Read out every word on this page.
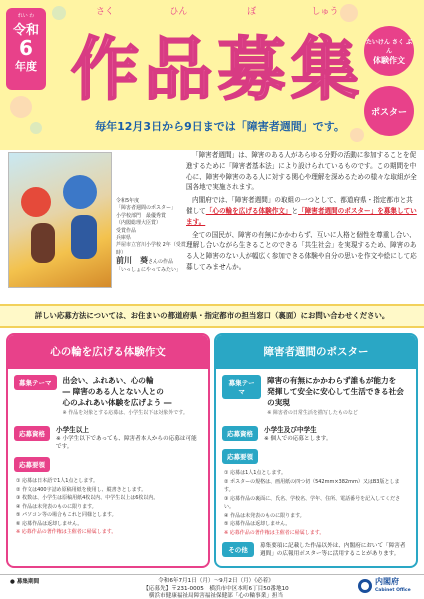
れい わ
令和
6
年度
さく
作
ひん
品
ぼ
募
しゅう
集	たいけん さく ぶん
体験作文
ポスター
毎年12月3日から9日までは「障害者週間」です。
令和5年度
「障害者週間のポスター」
小学校部門　最優秀賞
（内閣総理大臣賞）
受賞作品
兵庫県
芦屋市立宮川小学校 2年（受賞時）
前川　葵さんの作品
「いっしょにやってみたい」

「障害者週間」は、障害のある人があらゆる分野の活動に参加することを促進するために「障害者基本法」により設けられているものです。この期間を中心に、障害や障害のある人に対する関心や理解を深めるための様々な取組が全国各地で実施されます。

内閣府では、「障害者週間」の取組の一つとして、都道府県・指定都市と共催して「心の輪を広げる体験作文」と「障害者週間のポスター」を募集しています。

全ての国民が、障害の有無にかかわらず、互いに人格と個性を尊重し合い、理解し合いながら生きることのできる「共生社会」を実現するため、障害のある人と障害のない人が幅広く参加できる体験や自分の思いを作文や絵にして応募してみませんか。

詳しい応募方法については、お住まいの都道府県・指定都市の担当窓口（裏面）にお問い合わせください。
心の輪を広げる体験作文
募集テーマ	出会い、ふれあい、心の輪
― 障害のある人とない人との
心のふれあい体験を広げよう ―
※ 作品を対象とする応募は、小学生以下は対象外です。
応募資格	小学生以上
※ 小学生以下であっても、障害者本人からの応募は可能です。
応募要領
① 応募は日本語で1人1点とします。
② 作文は400字詰め原稿用紙を使用し、縦書きとします。
③ 枚数は、小学生は原稿用紙4枚以内、中学生以上は6枚以内。
④ 作品は未発表のものに限ります。
⑤ パソコン等の場合もこれと同様とします。
⑥ 応募作品は返却しません。
※ 応募作品の著作権は主催者に帰属します。
障害者週間のポスター
募集テーマ
障害の有無にかかわらず誰もが能力を
発揮して安全に安心して生活できる社会の実現
※ 障害者の日常生活を描写したものなど
応募資格	小学生及び中学生
※ 個人での応募とします。
応募要領
① 応募は1人1点とします。
② ポスターの規格は、画用紙の四つ切（542mm×382mm）又はB3版とします。
③ 応募作品の裏面に、氏名、学校名、学年、住所、電話番号を記入してください。
④ 作品は未発表のものに限ります。
⑤ 応募作品は返却しません。
※ 応募作品の著作権は主催者に帰属します。
その他	募集要項に記載した作品以外は、内閣府において「障害者週間」の広報用ポスター等に活用することがあります。
● 募集期間	令和6年7月1日（月）〜9月2日（月）《必着》
【応募先】〒231-0005　横浜市中区本町6丁目50番地10
横浜市健康福祉局障害福祉保健部「心の輪事業」担当
内閣府
Cabinet Office
